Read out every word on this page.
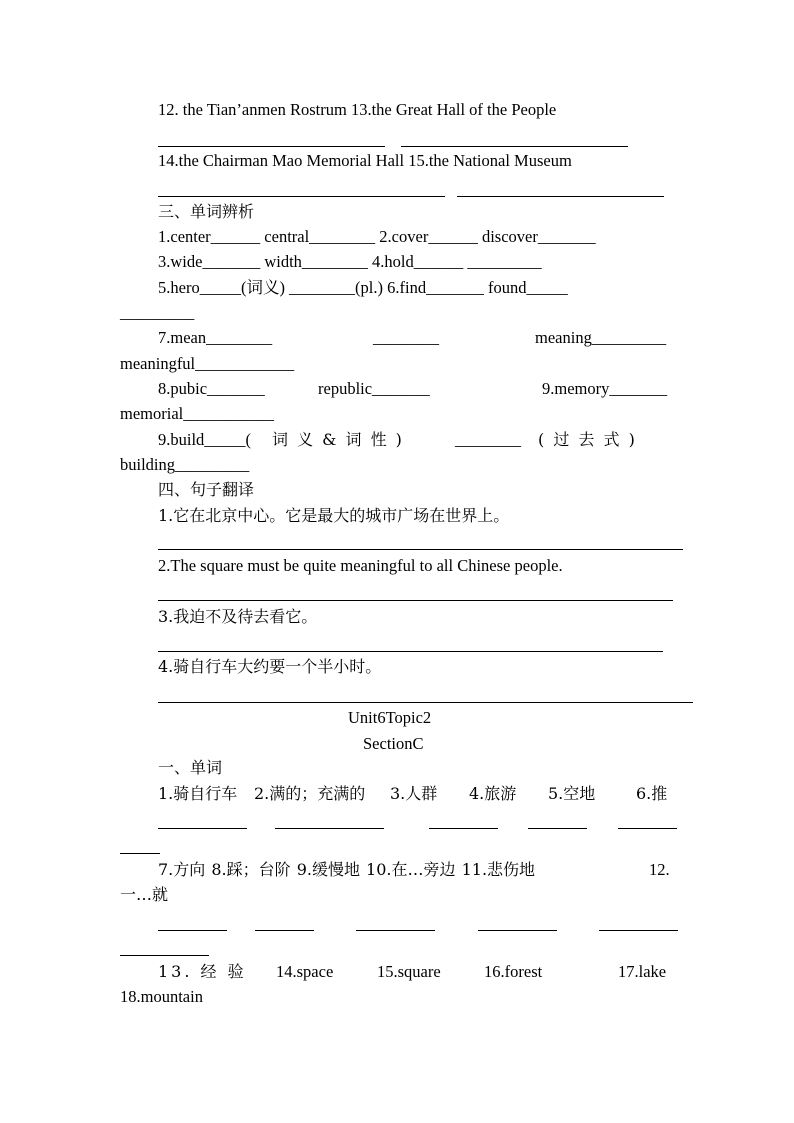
12. the Tian’anmen Rostrum 13.the Great Hall of the People
14.the Chairman Mao Memorial Hall 15.the National Museum
三、单词辨析
1.center______ central________ 2.cover______ discover_______
3.wide_______ width________ 4.hold______ _________
5.hero_____(词义) ________(pl.) 6.find_______ found_____
_________
7.mean________	________	meaning_________
meaningful____________
8.pubic_______	republic_______	9.memory_______
memorial___________
9.build_____( 词 义 & 词 性 )	________ ( 过 去 式 )
building_________
四、句子翻译
1.它在北京中心。它是最大的城市广场在世界上。
2.The square must be quite meaningful to all Chinese people.
3.我迫不及待去看它。
4.骑自行车大约要一个半小时。
Unit6Topic2
SectionC
一、单词
1.骑自行车 2.满的；充满的 3.人群 4.旅游 5.空地	6.推
7.方向 8.踩；台阶 9.缓慢地 10.在…旁边 11.悲伤地	12.
一…就
13. 经 验 14.space	15.square	16.forest	17.lake
18.mountain
